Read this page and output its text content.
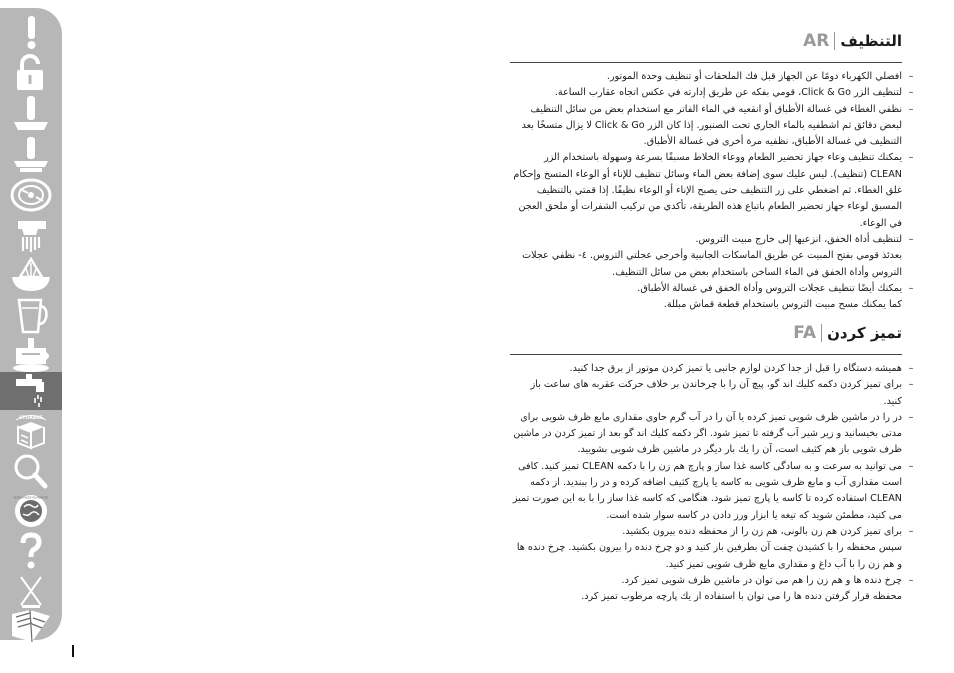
STORAGE
WORLD-WIDE GUARANTEE
التنظيف
AR
–
افصلي الكهرباء دومًا عن الجهاز قبل فك الملحقات أو تنظيف وحدة الموتور.
–
لتنظيف الزر Click & Go، قومي بفكه عن طريق إدارته في عكس اتجاه عقارب الساعة.
–
نظفي الغطاء في غسالة الأطباق أو انقعيه في الماء الفاتر مع استخدام بعض من سائل التنظيف لبعض دقائق ثم اشطفيه بالماء الجاري تحت الصنبور. إذا كان الزر Click & Go لا يزال متسخًا بعد التنظيف في غسالة الأطباق، نظفيه مرة أخرى في غسالة الأطباق.
–
يمكنك تنظيف وعاء جهاز تحضير الطعام ووعاء الخلاط مسبقًا بسرعة وسهولة باستخدام الزر CLEAN (تنظيف). ليس عليك سوى إضافة بعض الماء وسائل تنظيف للإناء أو الوعاء المتسخ وإحكام غلق الغطاء. ثم اضغطي على زر التنظيف حتى يصبح الإناء أو الوعاء نظيفًا. إذا قمتي بالتنظيف المسبق لوعاء جهاز تحضير الطعام باتباع هذه الطريقة، تأكدي من تركيب الشفرات أو ملحق العجن في الوعاء.
–
لتنظيف أداة الخفق، انزعيها إلى خارج مبيت التروس.
بعدئذ قومي بفتح المبيت عن طريق الماسكات الجانبية وأخرجي عجلتي التروس. ٤- نظفي عجلات التروس وأداة الخفق في الماء الساخن باستخدام بعض من سائل التنظيف.
–
يمكنك أيضًا تنظيف عجلات التروس وأداة الخفق في غسالة الأطباق.
كما يمكنك مسح مبيت التروس باستخدام قطعة قماش مبللة.
تمیز کردن
FA
–
همیشه دستگاه را قبل از جدا کردن لوازم جانبی یا تمیز کردن موتور از برق جدا کنید.
–
برای تمیز کردن دکمه کلیك اند گو، پیچ آن را با چرخاندن بر خلاف حرکت عقربه های ساعت باز کنید.
–
در را در ماشین ظرف شویی تمیز کرده یا آن را در آب گرم حاوی مقداری مایع ظرف شویی برای مدتی بخیسانید و زیر شیر آب گرفته تا تمیز شود. اگر دکمه کلیك اند گو بعد از تمیز کردن در ماشین ظرف شویی باز هم کثیف است، آن را یك بار دیگر در ماشین ظرف شویی بشویید.
–
می توانید به سرعت و به سادگی کاسه غذا ساز و پارچ هم زن را با دکمه CLEAN تمیز کنید. کافی است مقداری آب و مایع ظرف شویی به کاسه یا پارچ کثیف اضافه کرده و در را ببندید. از دکمه CLEAN استفاده کرده تا کاسه یا پارچ تمیز شود. هنگامی که کاسه غذا ساز را با به این صورت تمیز می کنید، مطمئن شوید که تیغه یا ابزار ورز دادن در کاسه سوار شده است.
–
برای تمیز کردن هم زن بالونی، هم زن را از محفظه دنده بیرون بکشید.
سپس محفظه را با کشیدن چفت آن بطرفین باز کنید و دو چرخ دنده را بیرون بکشید. چرخ دنده ها و هم زن را با آب داغ و مقداری مایع ظرف شویی تمیز کنید.
–
چرخ دنده ها و هم زن را هم می توان در ماشین ظرف شویی تمیز کرد.
محفظه قرار گرفتن دنده ها را می توان با استفاده از یك پارچه مرطوب تمیز کرد.
